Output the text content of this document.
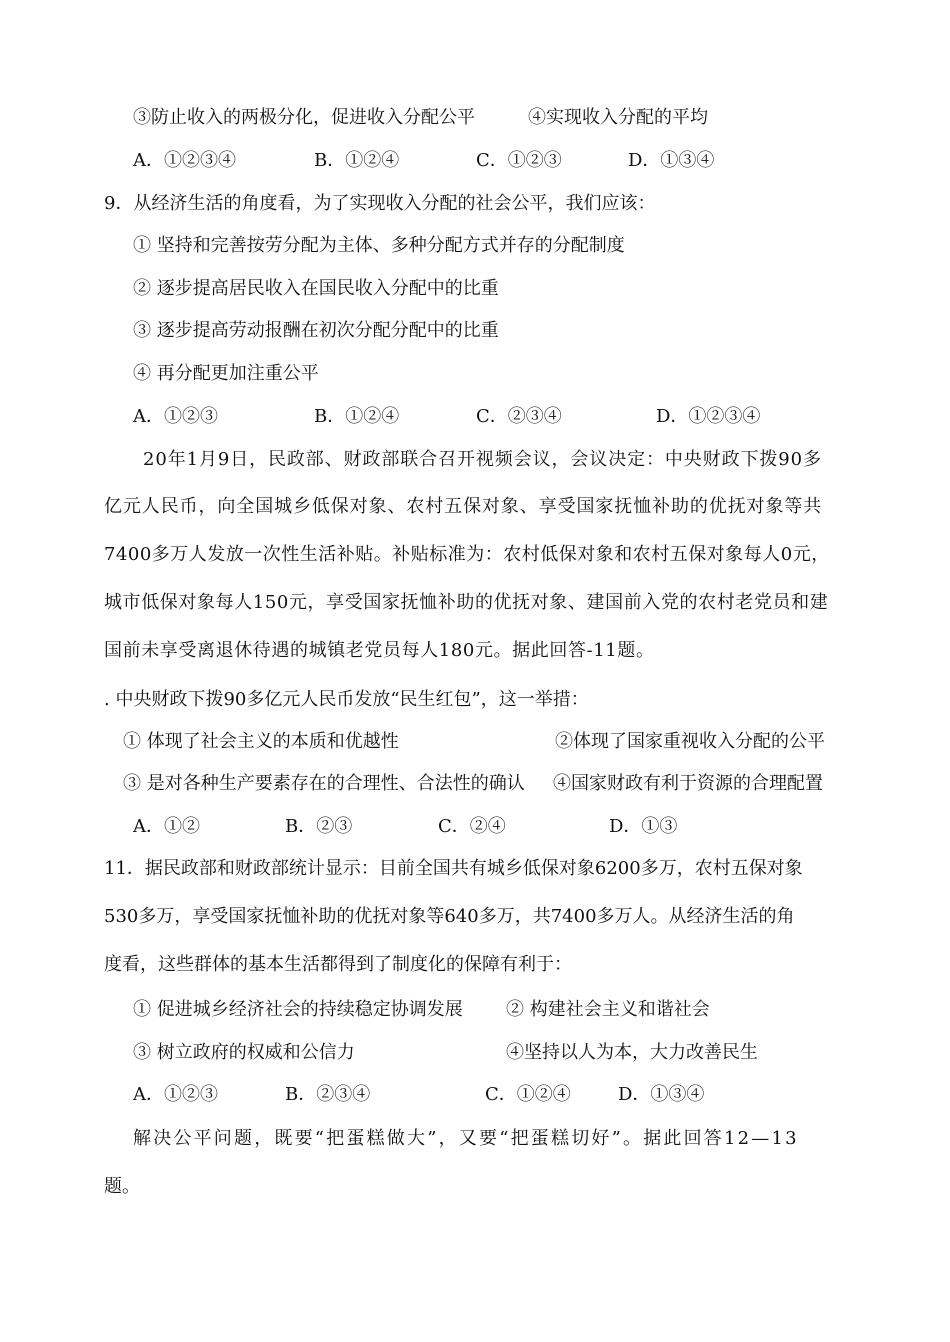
③防止收入的两极分化，促进收入分配公平	④实现收入分配的平均
A．①②③④	B．①②④	C．①②③	D．①③④
9．从经济生活的角度看，为了实现收入分配的社会公平，我们应该：
① 坚持和完善按劳分配为主体、多种分配方式并存的分配制度
② 逐步提高居民收入在国民收入分配中的比重
③ 逐步提高劳动报酬在初次分配分配中的比重
④ 再分配更加注重公平
A．①②③	B．①②④	C．②③④	D．①②③④
20年1月9日，民政部、财政部联合召开视频会议，会议决定：中央财政下拨90多
亿元人民币，向全国城乡低保对象、农村五保对象、享受国家抚恤补助的优抚对象等共
7400多万人发放一次性生活补贴。补贴标准为：农村低保对象和农村五保对象每人0元，
城市低保对象每人150元，享受国家抚恤补助的优抚对象、建国前入党的农村老党员和建
国前未享受离退休待遇的城镇老党员每人180元。据此回答-11题。
. 中央财政下拨90多亿元人民币发放“民生红包”，这一举措：
① 体现了社会主义的本质和优越性	②体现了国家重视收入分配的公平
③ 是对各种生产要素存在的合理性、合法性的确认 ④国家财政有利于资源的合理配置
A．①②	B．②③	C．②④	D．①③
11．据民政部和财政部统计显示：目前全国共有城乡低保对象6200多万，农村五保对象
530多万，享受国家抚恤补助的优抚对象等640多万，共7400多万人。从经济生活的角
度看，这些群体的基本生活都得到了制度化的保障有利于：
① 促进城乡经济社会的持续稳定协调发展 ② 构建社会主义和谐社会
③ 树立政府的权威和公信力	④坚持以人为本，大力改善民生
A．①②③	B．②③④	C．①②④	D．①③④
解决公平问题，既要“把蛋糕做大”，又要“把蛋糕切好”。据此回答12—13
题。
